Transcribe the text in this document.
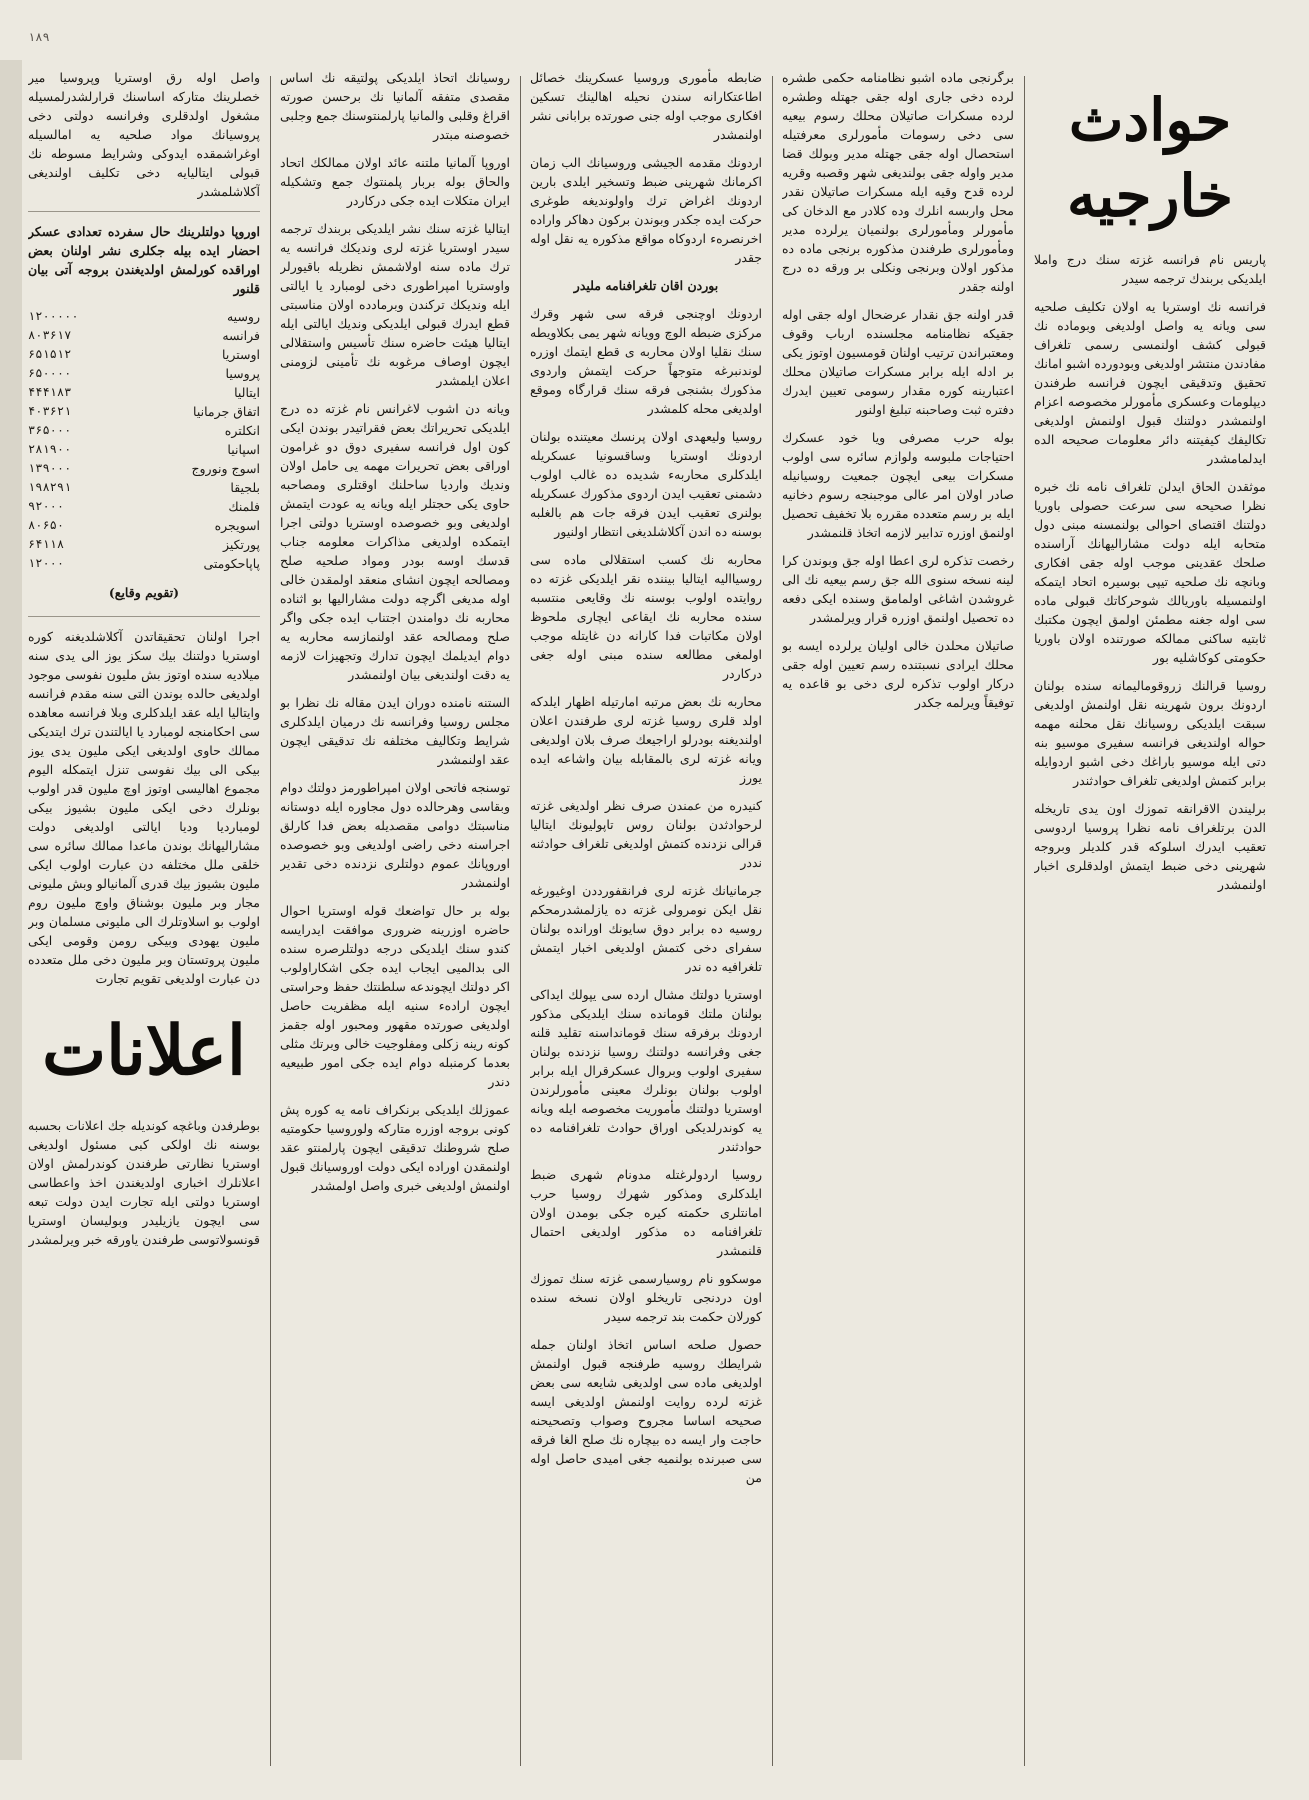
۱۸۹

واصل اوله رق اوستریا وپروسیا میر خصلرینك متاركه اساسنك قرارلشدرلمسیله مشغول اولدقلری وفرانسه دولتی دخی پروسیانك مواد صلحیه یه امالسیله اوغراشمقده ایدوكی وشرایط مسوطه نك قبولی ایتالیایه دخی تكلیف اولندیغی آكلاشلمشدر

اوروپا دولتلرینك حال سفرده تعدادی عسکر احضار ایده بیله جكلری نشر اولنان بعض اوراقده كورلمش اولدیغندن بروجه آتی بیان قلنور

روسیه
۱۲۰۰۰۰۰
فرانسه
۸۰۳۶۱۷
اوستریا
۶۵۱۵۱۲
پروسیا
۶۵۰۰۰۰
ایتالیا
۴۴۴۱۸۳
اتفاق جرمانیا
۴۰۳۶۲۱
انكلتره
۳۶۵۰۰۰
اسپانیا
۲۸۱۹۰۰
اسوج ونوروج
۱۳۹۰۰۰
بلجیقا
۱۹۸۲۹۱
فلمنك
۹۲۰۰۰
اسویجره
۸۰۶۵۰
پورتكیز
۶۴۱۱۸
پاپاحكومتی
۱۲۰۰۰
(تقویم وقایع)

اجرا اولنان تحقیقاتدن آكلاشلدیغنه كوره اوستریا دولتنك بیك سكز یوز الی یدی سنه میلادیه سنده اوتوز بش ملیون نفوسی موجود اولدیغی حالده بوندن التی سنه مقدم فرانسه وایتالیا ایله عقد ایلدكلری وبلا فرانسه معاهده سی احكامنجه لومبارد یا ایالتندن ترك ایتدیكی ممالك حاوی اولدیغی ایكی ملیون یدی یوز بیكی الی بیك نفوسی تنزل ایتمكله الیوم مجموع اهالیسی اوتوز اوچ ملیون قدر اولوب بونلرك دخی ایكی ملیون بشیوز بیكی لومباردیا ودیا ایالتی اولدیغی دولت مشارالیهانك بوندن ماعدا ممالك سائره سی خلقی ملل مختلفه دن عبارت اولوب ایكی ملیون بشیوز بیك قدری آلمانیالو وبش ملیونی مجار وبر ملیون بوشناق واوچ ملیون روم اولوب بو اسلاوتلرك الی ملیونی مسلمان وبر ملیون یهودی وبیكی رومن وقومی ایكی ملیون پروتستان وبر ملیون دخی ملل متعدده دن عبارت اولدیغی تقویم تجارت

اعلانات

بوطرفدن وباغچه كوندیله جك اعلانات بحسبه بوسنه نك اولكی كبی مسئول اولدیغی اوستریا نظارتی طرفندن كوندرلمش اولان اعلانلرك اخباری اولدیغندن اخذ واعطاسی اوستریا دولتی ایله تجارت ایدن دولت تبعه سی ایچون یازیلیدر وبولیسان اوستریا قونسولاتوسی طرفندن یاورقه خبر ویرلمشدر

روسیانك اتحاذ ایلدیكی پولتیقه نك اساس مقصدی متفقه آلمانیا نك برحسن صورته اقراغ وقلبی والمانیا پارلمنتوسنك جمع وجلبی خصوصنه مبتدر

اوروپا آلمانیا ملتنه عائد اولان ممالكك اتحاد والحاق بوله بربار پلمنتوك جمع وتشكیله ایران متكلات ایده جكی دركاردر

ایتالیا غزته سنك نشر ایلدیكی بربندك ترجمه سیدر اوستریا غزته لری ونديكك فرانسه یه ترك ماده سنه اولاشمش نظریله باقیورلر واوستریا امپراطوری دخی لومبارد یا ایالتی ایله ونديكك تركندن وبرمادده اولان مناسبتی قطع ایدرك قبولی ایلدیكی ونديك ایالتی ایله ایتالیا هیئت حاضره سنك تأسیس واستقلالی ایچون اوصاف مرغوبه نك تأمینی لزومنی اعلان ایلمشدر

ویانه دن اشوب لاغرانس نام غزته ده درج ایلدیكی تحریراتك بعض فقراتیدر بوندن ایكی كون اول فرانسه سفیری دوق دو غرامون اوراقی بعض تحریرات مهمه یی حامل اولان ونديك واردیا ساحلنك اوقتلری ومصاحبه حاوی یكی حجتلر ایله ویانه یه عودت ایتمش اولدیغی وبو خصوصده اوستریا دولتی اجرا ایتمكده اولدیغی مذاكرات معلومه جناب قدسك اوسه بودر ومواد صلحیه صلح ومصالحه ایچون انشای منعقد اولمقدن خالی اوله مدیغی اگرچه دولت مشارالیها بو اثناده محاربه نك دوامندن اجتناب ایده جكی واگر صلح ومصالحه عقد اولنمازسه محاربه یه دوام ایدیلمك ایچون تدارك وتجهیزات لازمه یه دقت اولندیغی بیان اولنمشدر

الستنه نامنده دوران ایدن مقاله نك نظرا بو مجلس روسیا وفرانسه نك درمیان ایلدكلری شرایط وتكالیف مختلفه نك تدقیقی ایچون عقد اولنمشدر

توسنجه فاتحی اولان امپراطورمز دولتك دوام وبقاسی وهرحالده دول مجاوره ایله دوستانه مناسبتك دوامی مقصدیله بعض فدا كارلق اجراسنه دخی راضی اولدیغی وبو خصوصده اوروپانك عموم دولتلری نزدنده دخی تقدیر اولنمشدر

بوله بر حال تواضعك قوله اوستریا احوال حاضره اوزرینه ضروری موافقت ایدرایسه كندو سنك ایلدیكی درجه دولتلرصره سنده الی بدالمیی ایجاب ایده جكی اشكاراولوب اكر دولتك ایچوندعه سلطنتك حفظ وحراستی ایچون ارادهء سنیه ایله مظفریت حاصل اولدیغی صورتده مقهور ومحبور اوله جقمز كونه رینه زكلی ومفلوجیت خالی وبرتك مثلی بعدما كرمنبله دوام ایده جكی امور طبیعیه دندر

عموزلك ایلدیكی برنكراف نامه یه كوره پش كونی بروجه اوزره متاركه ولوروسیا حكومتیه صلح شروطنك تدقیقی ایچون پارلمنتو عقد اولنمقدن اوراده ایكی دولت اوروسیانك قبول اولنمش اولدیغی خبری واصل اولمشدر

ضابطه مأموری وروسیا عسكرینك خصائل اطاعتكارانه سندن نحیله اهالینك تسكین افكاری موجب اوله جنی صورتده برابانی نشر اولنمشدر

اردونك مقدمه الجیشی وروسیانك الب زمان اكرمانك شهرینی ضبط وتسخیر ایلدی بارین اردونك اغراض ترك واولوندیغه طوغری حركت ایده جكدر وبوندن بركون دهاكر واراده اخرنصرهء اردوكاه مواقع مذكوره یه نقل اوله جقدر

بوردن اقان تلغرافنامه ملیدر

اردونك اوچنجی فرقه سی شهر وقرك مركزی ضبطه الوچ وویانه شهر یمی بكلاویطه سنك نقلیا اولان محاربه ی قطع ایتمك اوزره لوندنبرغه متوجهاً حركت ایتمش واردوی مذكورك بشنجی فرقه سنك قرارگاه وموقع اولدیغی محله كلمشدر

روسیا ولیعهدی اولان پرنسك معیتنده بولنان اردونك اوستریا وساقسونیا عسكریله ایلدكلری محاربهء شدیده ده غالب اولوب دشمنی تعقیب ایدن اردوی مذكورك عسكریله بولنری تعقیب ایدن فرقه جات هم بالغلبه بوسنه ده اندن آكلاشلدیغی انتظار اولنیور

محاربه نك كسب استقلالی ماده سی روسیاالیه ایتالیا بیننده نقر ایلدیكی غزته ده روایتده اولوب بوسنه نك وقایعی منتسبه سنده محاربه نك ایقاعی ایچاری ملحوظ اولان مكاتبات فدا كارانه دن غایتله موجب اولمغی مطالعه سنده مبنی اوله جغی دركاردر

محاربه نك بعض مرتبه امارتیله اظهار ایلدكه اولد قلری روسیا غزته لری طرفندن اعلان اولندیغنه بودرلو اراجیعك صرف بلان اولدیغی ویانه غزته لری بالمقابله بیان واشاعه ایده یورز

كنیدره من عمندن صرف نظر اولدیغی غزته لرحوادثدن بولنان روس تاپولیونك ایتالیا قرالی نزدنده كتمش اولدیغی تلغراف حوادثنه نددر

جرمانیانك غزته لری فرانقفورددن اوغیورغه نقل ایكن نومرولی غزته ده یازلمشدرمحكم روسیه ده برابر دوق سایونك اورانده بولنان سفرای دخی كتمش اولدیغی اخبار ایتمش تلغرافیه ده ندر

اوستریا دولتك مشال ارده سی یپولك ایداكی بولنان ملتك قومانده سنك ایلدیكی مذكور اردونك برفرقه سنك قومانداسنه تقلید قلنه جغی وفرانسه دولتنك روسیا نزدنده بولنان سفیری اولوب وبروال عسكرقرال ایله برابر اولوب بولنان بونلرك معینی مأمورلرندن اوستریا دولتنك مأموریت مخصوصه ایله ویانه یه كوندرلدیكی اوراق حوادث تلغرافنامه ده حوادثندر

روسیا اردولرغتله مدونام شهری ضبط ایلدكلری ومذكور شهرك روسیا حرب امانتلری حكمته كیره جكی بومدن اولان تلغرافنامه ده مذكور اولدیغی احتمال قلنمشدر

موسكوو نام روسیارسمی غزته سنك تموزك اون دردنجی تاریخلو اولان نسخه سنده كورلان حكمت بند ترجمه سیدر

حصول صلحه اساس اتخاذ اولنان جمله شرایطك روسیه طرفنجه قبول اولنمش اولدیغی ماده سی اولدیغی شایعه سی بعض غزته لرده روایت اولنمش اولدیغی ایسه صحیحه اساسا مجروح وصواب وتصحیحنه حاجت وار ایسه ده بیچاره نك صلح الغا فرقه سی صبرنده بولنمیه جغی امیدی حاصل اوله من

برگرنجی ماده اشبو نظامنامه حكمی طشره لرده دخی جاری اوله جقی جهتله وطشره لرده مسكرات صاتیلان محلك رسوم بیعیه سی دخی رسومات مأمورلری معرفتیله استحصال اوله جقی جهتله مدیر وبولك قضا مدیر واوله جقی بولندیغی شهر وقصبه وقریه لرده قدح وقیه ایله مسكرات صاتیلان نقدر محل واربسه انلرك وده كلادر مع الدخان كی مأمورلر ومأمورلری بولنمیان یرلرده مدیر ومأمورلری طرفندن مذكوره برنجی ماده ده مذكور اولان وبرنجی ونكلی بر ورقه ده درج اولنه جقدر

قدر اولنه جق نقدار عرضحال اوله جقی اوله جقیكه نظامنامه مجلسنده ارباب وقوف ومعتبراندن ترتیب اولنان قومسیون اوتوز یكی بر ادله ایله برابر مسكرات صاتیلان محلك اعتبارینه كوره مقدار رسومی تعیین ایدرك دفتره ثبت وصاحبنه تبلیغ اولنور

بوله حرب مصرفی ویا خود عسكرك احتیاجات ملبوسه ولوازم سائره سی اولوب مسكرات بیعی ایچون جمعیت روسیانیله صادر اولان امر عالی موجبنجه رسوم دخانیه ایله بر رسم متعدده مقرره بلا تخفیف تحصیل اولنمق اوزره تدابیر لازمه اتخاذ قلنمشدر

رخصت تذكره لری اعطا اوله جق وبوندن كرا لینه نسخه سنوی الله جق رسم بیعیه نك الی غروشدن اشاغی اولمامق وسنده ایكی دفعه ده تحصیل اولنمق اوزره قرار ویرلمشدر

صاتیلان محلدن خالی اولیان یرلرده ایسه بو محلك ایرادی نسبتنده رسم تعیین اوله جقی دركار اولوب تذكره لری دخی بو قاعده یه توفیقاً ویرلمه جكدر

حوادث خارجیه

پاریس نام فرانسه غزته سنك درج واملا ایلدیكی بربندك ترجمه سیدر

فرانسه نك اوستریا یه اولان تكلیف صلحیه سی ویانه یه واصل اولدیغی وبوماده نك قبولی كشف اولنمسی رسمی تلغراف مفادندن منتشر اولدیغی وبودورده اشبو امانك تحقیق وتدقیقی ایچون فرانسه طرفندن دیپلومات وعسكری مأمورلر مخصوصه اعزام اولنمشدر دولتنك قبول اولنمش اولدیغی تكالیفك كیفیتنه دائر معلومات صحیحه الده ایدلمامشدر

موثقدن الحاق ایدلن تلغراف نامه نك خبره نظرا صحیحه سی سرعت حصولی باوریا دولتنك اقتصای احوالی بولنمسنه مبنی دول متحابه ایله دولت مشارالیهانك آراسنده صلحك عقدینی موجب اوله جقی افكاری وبانچه نك صلحیه تیپی بوسیره اتحاد ایتمكه اولنمسیله باوریالك شوحركاتك قبولی ماده سی اوله جغنه مطمئن اولمق ایچون مكتبك ثابتیه ساكنی ممالكه صورتنده اولان باوریا حكومتی كوكاشلیه بور

روسیا قرالنك زروقومالیمانه سنده بولنان اردونك برون شهرینه نقل اولنمش اولدیغی سبقت ایلدیكی روسیانك نقل محلنه مهمه حواله اولندیغی فرانسه سفیری موسیو بنه دتی ایله موسیو باراغك دخی اشبو اردوایله برابر كتمش اولدیغی تلغراف حوادثندر

برلیندن الاقرانقه تموزك اون یدی تاریخله الدن برتلغراف نامه نظرا پروسیا اردوسی تعقیب ایدرك اسلوكه قدر كلدیلر وبروجه شهرینی دخی ضبط ایتمش اولدقلری اخبار اولنمشدر
